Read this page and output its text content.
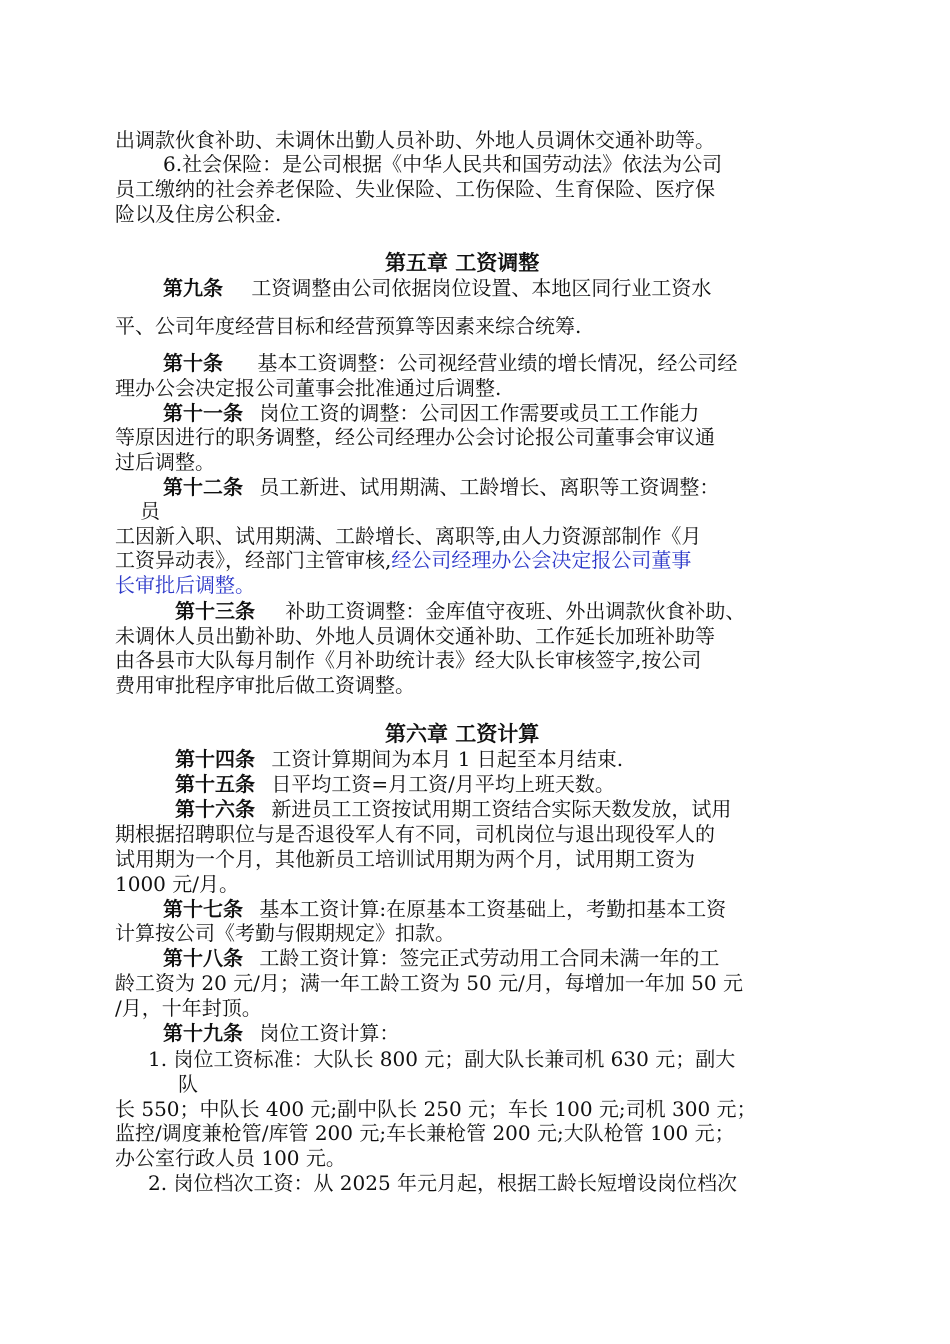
出调款伙食补助、未调休出勤人员补助、外地人员调休交通补助等。
6.社会保险：是公司根据《中华人民共和国劳动法》依法为公司
员工缴纳的社会养老保险、失业保险、工伤保险、生育保险、医疗保
险以及住房公积金.
第五章 工资调整
第九条 工资调整由公司依据岗位设置、本地区同行业工资水
平、公司年度经营目标和经营预算等因素来综合统筹.
第十条 基本工资调整：公司视经营业绩的增长情况，经公司经
理办公会决定报公司董事会批准通过后调整.
第十一条 岗位工资的调整：公司因工作需要或员工工作能力
等原因进行的职务调整，经公司经理办公会讨论报公司董事会审议通
过后调整。
第十二条 员工新进、试用期满、工龄增长、离职等工资调整：
员
工因新入职、试用期满、工龄增长、离职等,由人力资源部制作《月
工资异动表》，经部门主管审核,经公司经理办公会决定报公司董事
长审批后调整。
第十三条 补助工资调整：金库值守夜班、外出调款伙食补助、
未调休人员出勤补助、外地人员调休交通补助、工作延长加班补助等
由各县市大队每月制作《月补助统计表》经大队长审核签字,按公司
费用审批程序审批后做工资调整。
第六章 工资计算
第十四条 工资计算期间为本月 1 日起至本月结束.
第十五条 日平均工资=月工资/月平均上班天数。
第十六条 新进员工工资按试用期工资结合实际天数发放，试用
期根据招聘职位与是否退役军人有不同，司机岗位与退出现役军人的
试用期为一个月，其他新员工培训试用期为两个月，试用期工资为
1000 元/月。
第十七条 基本工资计算:在原基本工资基础上，考勤扣基本工资
计算按公司《考勤与假期规定》扣款。
第十八条 工龄工资计算：签完正式劳动用工合同未满一年的工
龄工资为 20 元/月；满一年工龄工资为 50 元/月，每增加一年加 50 元
/月，十年封顶。
第十九条 岗位工资计算：
1. 岗位工资标准：大队长 800 元；副大队长兼司机 630 元；副大
队
长 550；中队长 400 元;副中队长 250 元；车长 100 元;司机 300 元；
监控/调度兼枪管/库管 200 元;车长兼枪管 200 元;大队枪管 100 元；
办公室行政人员 100 元。
2. 岗位档次工资：从 2025 年元月起，根据工龄长短增设岗位档次
